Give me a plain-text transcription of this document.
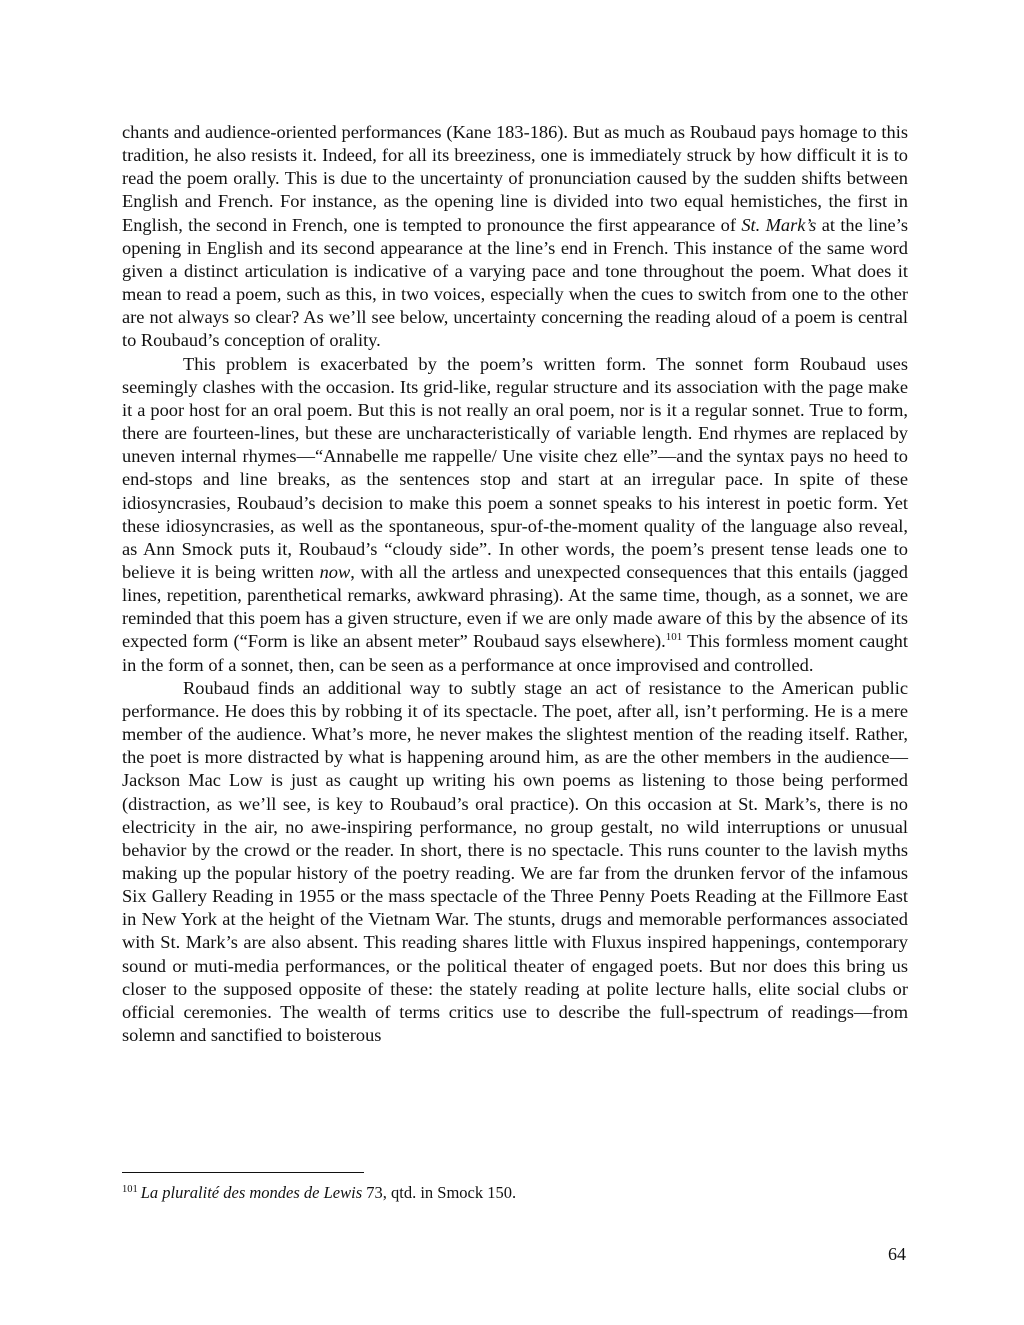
chants and audience-oriented performances (Kane 183-186). But as much as Roubaud pays homage to this tradition, he also resists it. Indeed, for all its breeziness, one is immediately struck by how difficult it is to read the poem orally. This is due to the uncertainty of pronunciation caused by the sudden shifts between English and French. For instance, as the opening line is divided into two equal hemistiches, the first in English, the second in French, one is tempted to pronounce the first appearance of St. Mark’s at the line’s opening in English and its second appearance at the line’s end in French. This instance of the same word given a distinct articulation is indicative of a varying pace and tone throughout the poem. What does it mean to read a poem, such as this, in two voices, especially when the cues to switch from one to the other are not always so clear? As we’ll see below, uncertainty concerning the reading aloud of a poem is central to Roubaud’s conception of orality.

This problem is exacerbated by the poem’s written form. The sonnet form Roubaud uses seemingly clashes with the occasion. Its grid-like, regular structure and its association with the page make it a poor host for an oral poem. But this is not really an oral poem, nor is it a regular sonnet. True to form, there are fourteen-lines, but these are uncharacteristically of variable length. End rhymes are replaced by uneven internal rhymes—“Annabelle me rappelle/ Une visite chez elle”—and the syntax pays no heed to end-stops and line breaks, as the sentences stop and start at an irregular pace. In spite of these idiosyncrasies, Roubaud’s decision to make this poem a sonnet speaks to his interest in poetic form. Yet these idiosyncrasies, as well as the spontaneous, spur-of-the-moment quality of the language also reveal, as Ann Smock puts it, Roubaud’s “cloudy side”. In other words, the poem’s present tense leads one to believe it is being written now, with all the artless and unexpected consequences that this entails (jagged lines, repetition, parenthetical remarks, awkward phrasing). At the same time, though, as a sonnet, we are reminded that this poem has a given structure, even if we are only made aware of this by the absence of its expected form (“Form is like an absent meter” Roubaud says elsewhere).$^{101}$ This formless moment caught in the form of a sonnet, then, can be seen as a performance at once improvised and controlled.

Roubaud finds an additional way to subtly stage an act of resistance to the American public performance. He does this by robbing it of its spectacle. The poet, after all, isn’t performing. He is a mere member of the audience. What’s more, he never makes the slightest mention of the reading itself. Rather, the poet is more distracted by what is happening around him, as are the other members in the audience—Jackson Mac Low is just as caught up writing his own poems as listening to those being performed (distraction, as we’ll see, is key to Roubaud’s oral practice). On this occasion at St. Mark’s, there is no electricity in the air, no awe-inspiring performance, no group gestalt, no wild interruptions or unusual behavior by the crowd or the reader. In short, there is no spectacle. This runs counter to the lavish myths making up the popular history of the poetry reading. We are far from the drunken fervor of the infamous Six Gallery Reading in 1955 or the mass spectacle of the Three Penny Poets Reading at the Fillmore East in New York at the height of the Vietnam War. The stunts, drugs and memorable performances associated with St. Mark’s are also absent. This reading shares little with Fluxus inspired happenings, contemporary sound or muti-media performances, or the political theater of engaged poets. But nor does this bring us closer to the supposed opposite of these: the stately reading at polite lecture halls, elite social clubs or official ceremonies. The wealth of terms critics use to describe the full-spectrum of readings—from solemn and sanctified to boisterous

$^{101}$ La pluralité des mondes de Lewis 73, qtd. in Smock 150.
64
